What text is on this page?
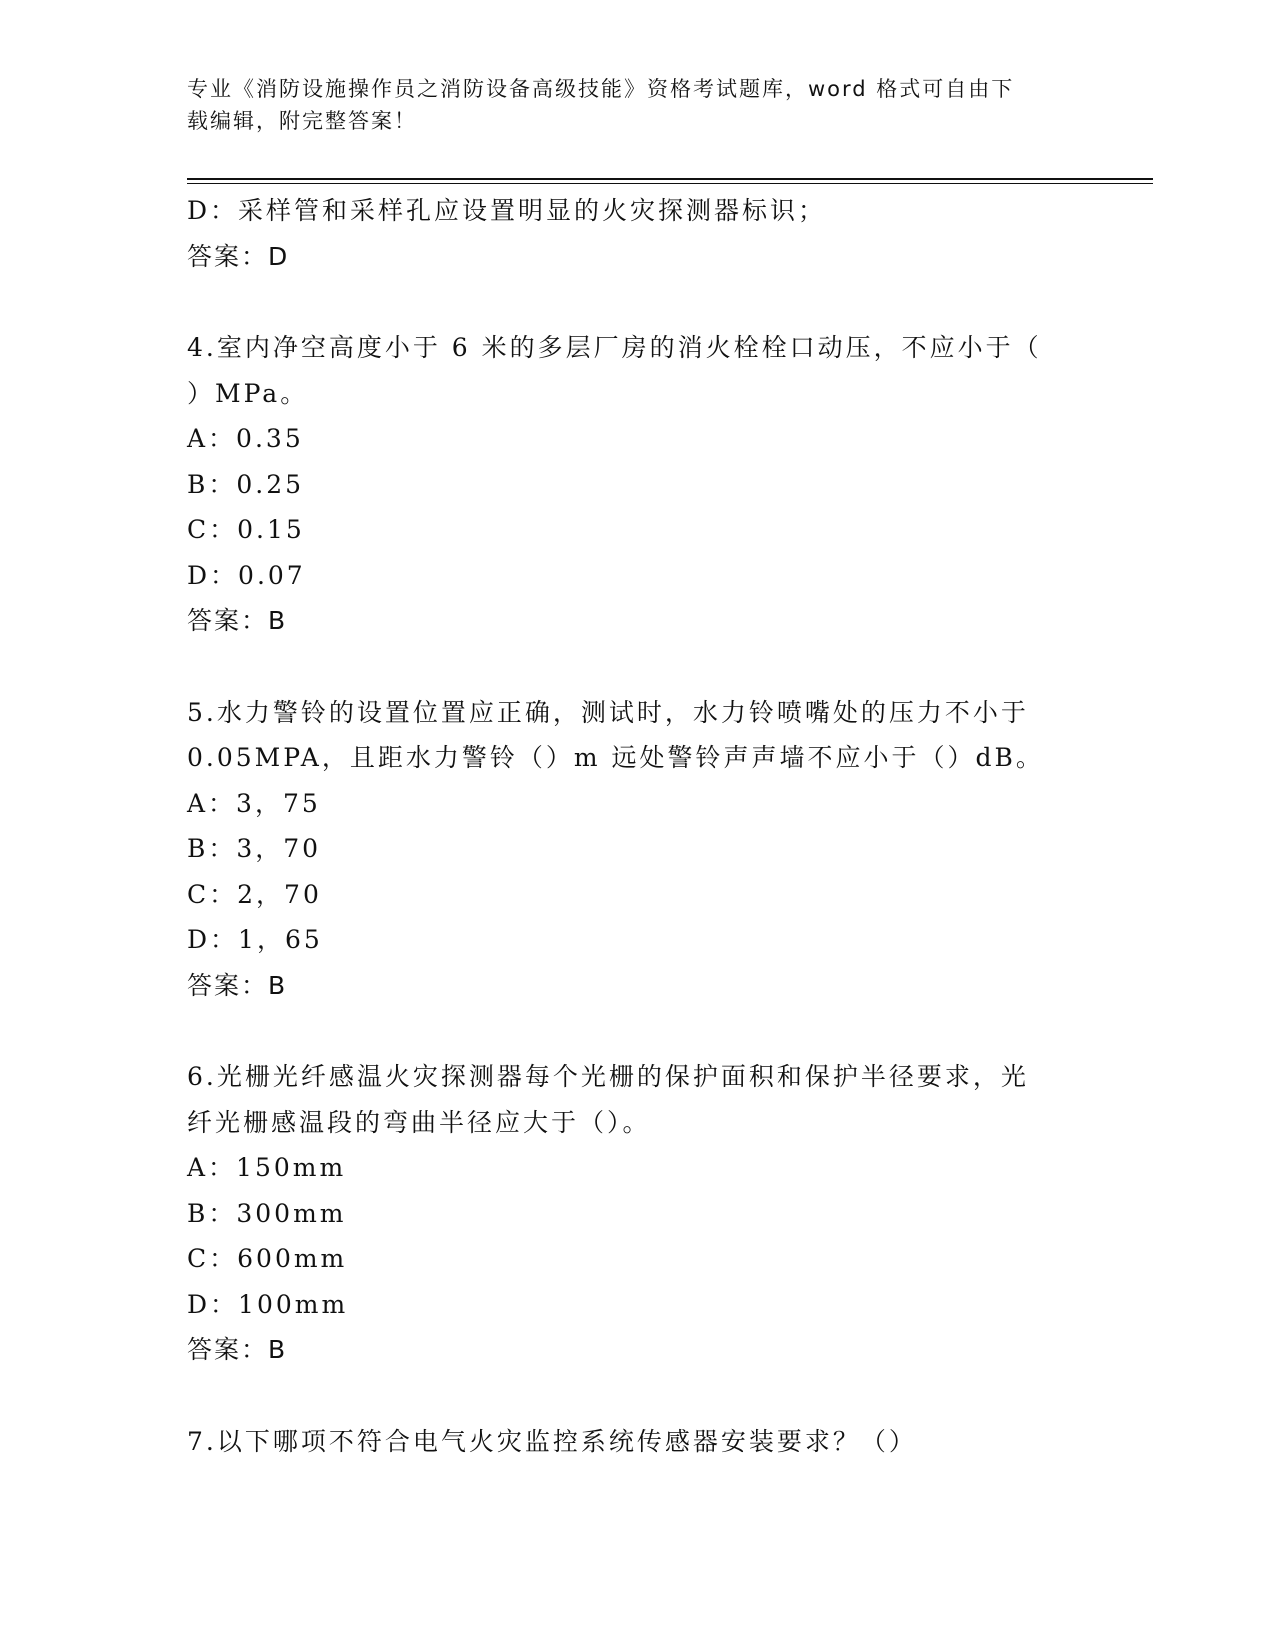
专业《消防设施操作员之消防设备高级技能》资格考试题库，word 格式可自由下
载编辑，附完整答案！
D：采样管和采样孔应设置明显的火灾探测器标识；
答案：D
4.室内净空高度小于 6 米的多层厂房的消火栓栓口动压，不应小于（
）MPa。
A：0.35
B：0.25
C：0.15
D：0.07
答案：B
5.水力警铃的设置位置应正确，测试时，水力铃喷嘴处的压力不小于
0.05MPA，且距水力警铃（）m 远处警铃声声墙不应小于（）dB。
A：3，75
B：3，70
C：2，70
D：1，65
答案：B
6.光栅光纤感温火灾探测器每个光栅的保护面积和保护半径要求，光
纤光栅感温段的弯曲半径应大于（）。
A：150mm
B：300mm
C：600mm
D：100mm
答案：B
7.以下哪项不符合电气火灾监控系统传感器安装要求？（）
